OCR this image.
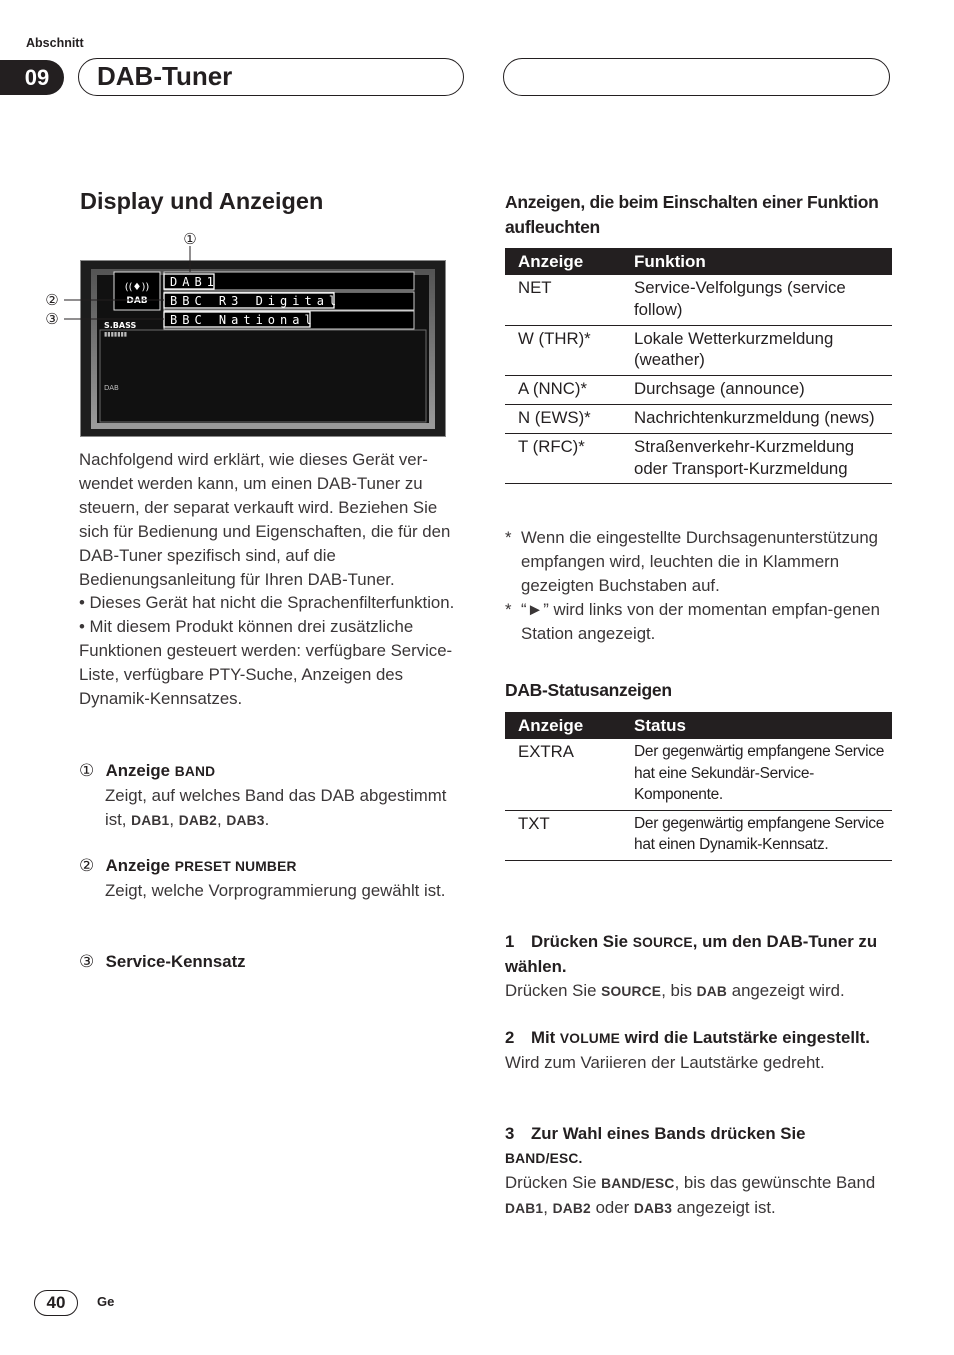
Abschnitt
09	DAB-Tuner
Display und Anzeigen
((♦))
DAB
DAB1
BBC R3 Digital
BBC National
S.BASS
▮▮▮▮▮▮▮
DAB
①
②
③

Nachfolgend wird erklärt, wie dieses Gerät ver-wendet werden kann, um einen DAB-Tuner zu steuern, der separat verkauft wird. Beziehen Sie sich für Bedienung und Eigenschaften, die für den DAB-Tuner spezifisch sind, auf die Bedienungsanleitung für Ihren DAB-Tuner.

• Dieses Gerät hat nicht die Sprachenfilterfunktion.

• Mit diesem Produkt können drei zusätzliche Funktionen gesteuert werden: verfügbare Service-Liste, verfügbare PTY-Suche, Anzeigen des Dynamik-Kennsatzes.

① Anzeige BAND
Zeigt, auf welches Band das DAB abgestimmt ist, DAB1, DAB2, DAB3.
② Anzeige PRESET NUMBER
Zeigt, welche Vorprogrammierung gewählt ist.
③ Service-Kennsatz
Anzeigen, die beim Einschalten einer Funktion aufleuchten
Anzeige	Funktion
NET	Service-Velfolgungs (service follow)
W (THR)*	Lokale Wetterkurzmeldung (weather)
A (NNC)*	Durchsage (announce)
N (EWS)*	Nachrichtenkurzmeldung (news)
T (RFC)*	Straßenverkehr-Kurzmeldung oder Transport-Kurzmeldung
* Wenn die eingestellte Durchsagenunterstützung empfangen wird, leuchten die in Klammern gezeigten Buchstaben auf.
* “►” wird links von der momentan empfan-genen Station angezeigt.
DAB-Statusanzeigen
Anzeige	Status
EXTRA	Der gegenwärtig empfangene Service hat eine Sekundär-Service-Komponente.
TXT	Der gegenwärtig empfangene Service hat einen Dynamik-Kennsatz.
1 Drücken Sie SOURCE, um den DAB-Tuner zu wählen.
Drücken Sie SOURCE, bis DAB angezeigt wird.
2 Mit VOLUME wird die Lautstärke eingestellt.
Wird zum Variieren der Lautstärke gedreht.
3 Zur Wahl eines Bands drücken Sie
BAND/ESC.
Drücken Sie BAND/ESC, bis das gewünschte Band DAB1, DAB2 oder DAB3 angezeigt ist.
40	Ge
